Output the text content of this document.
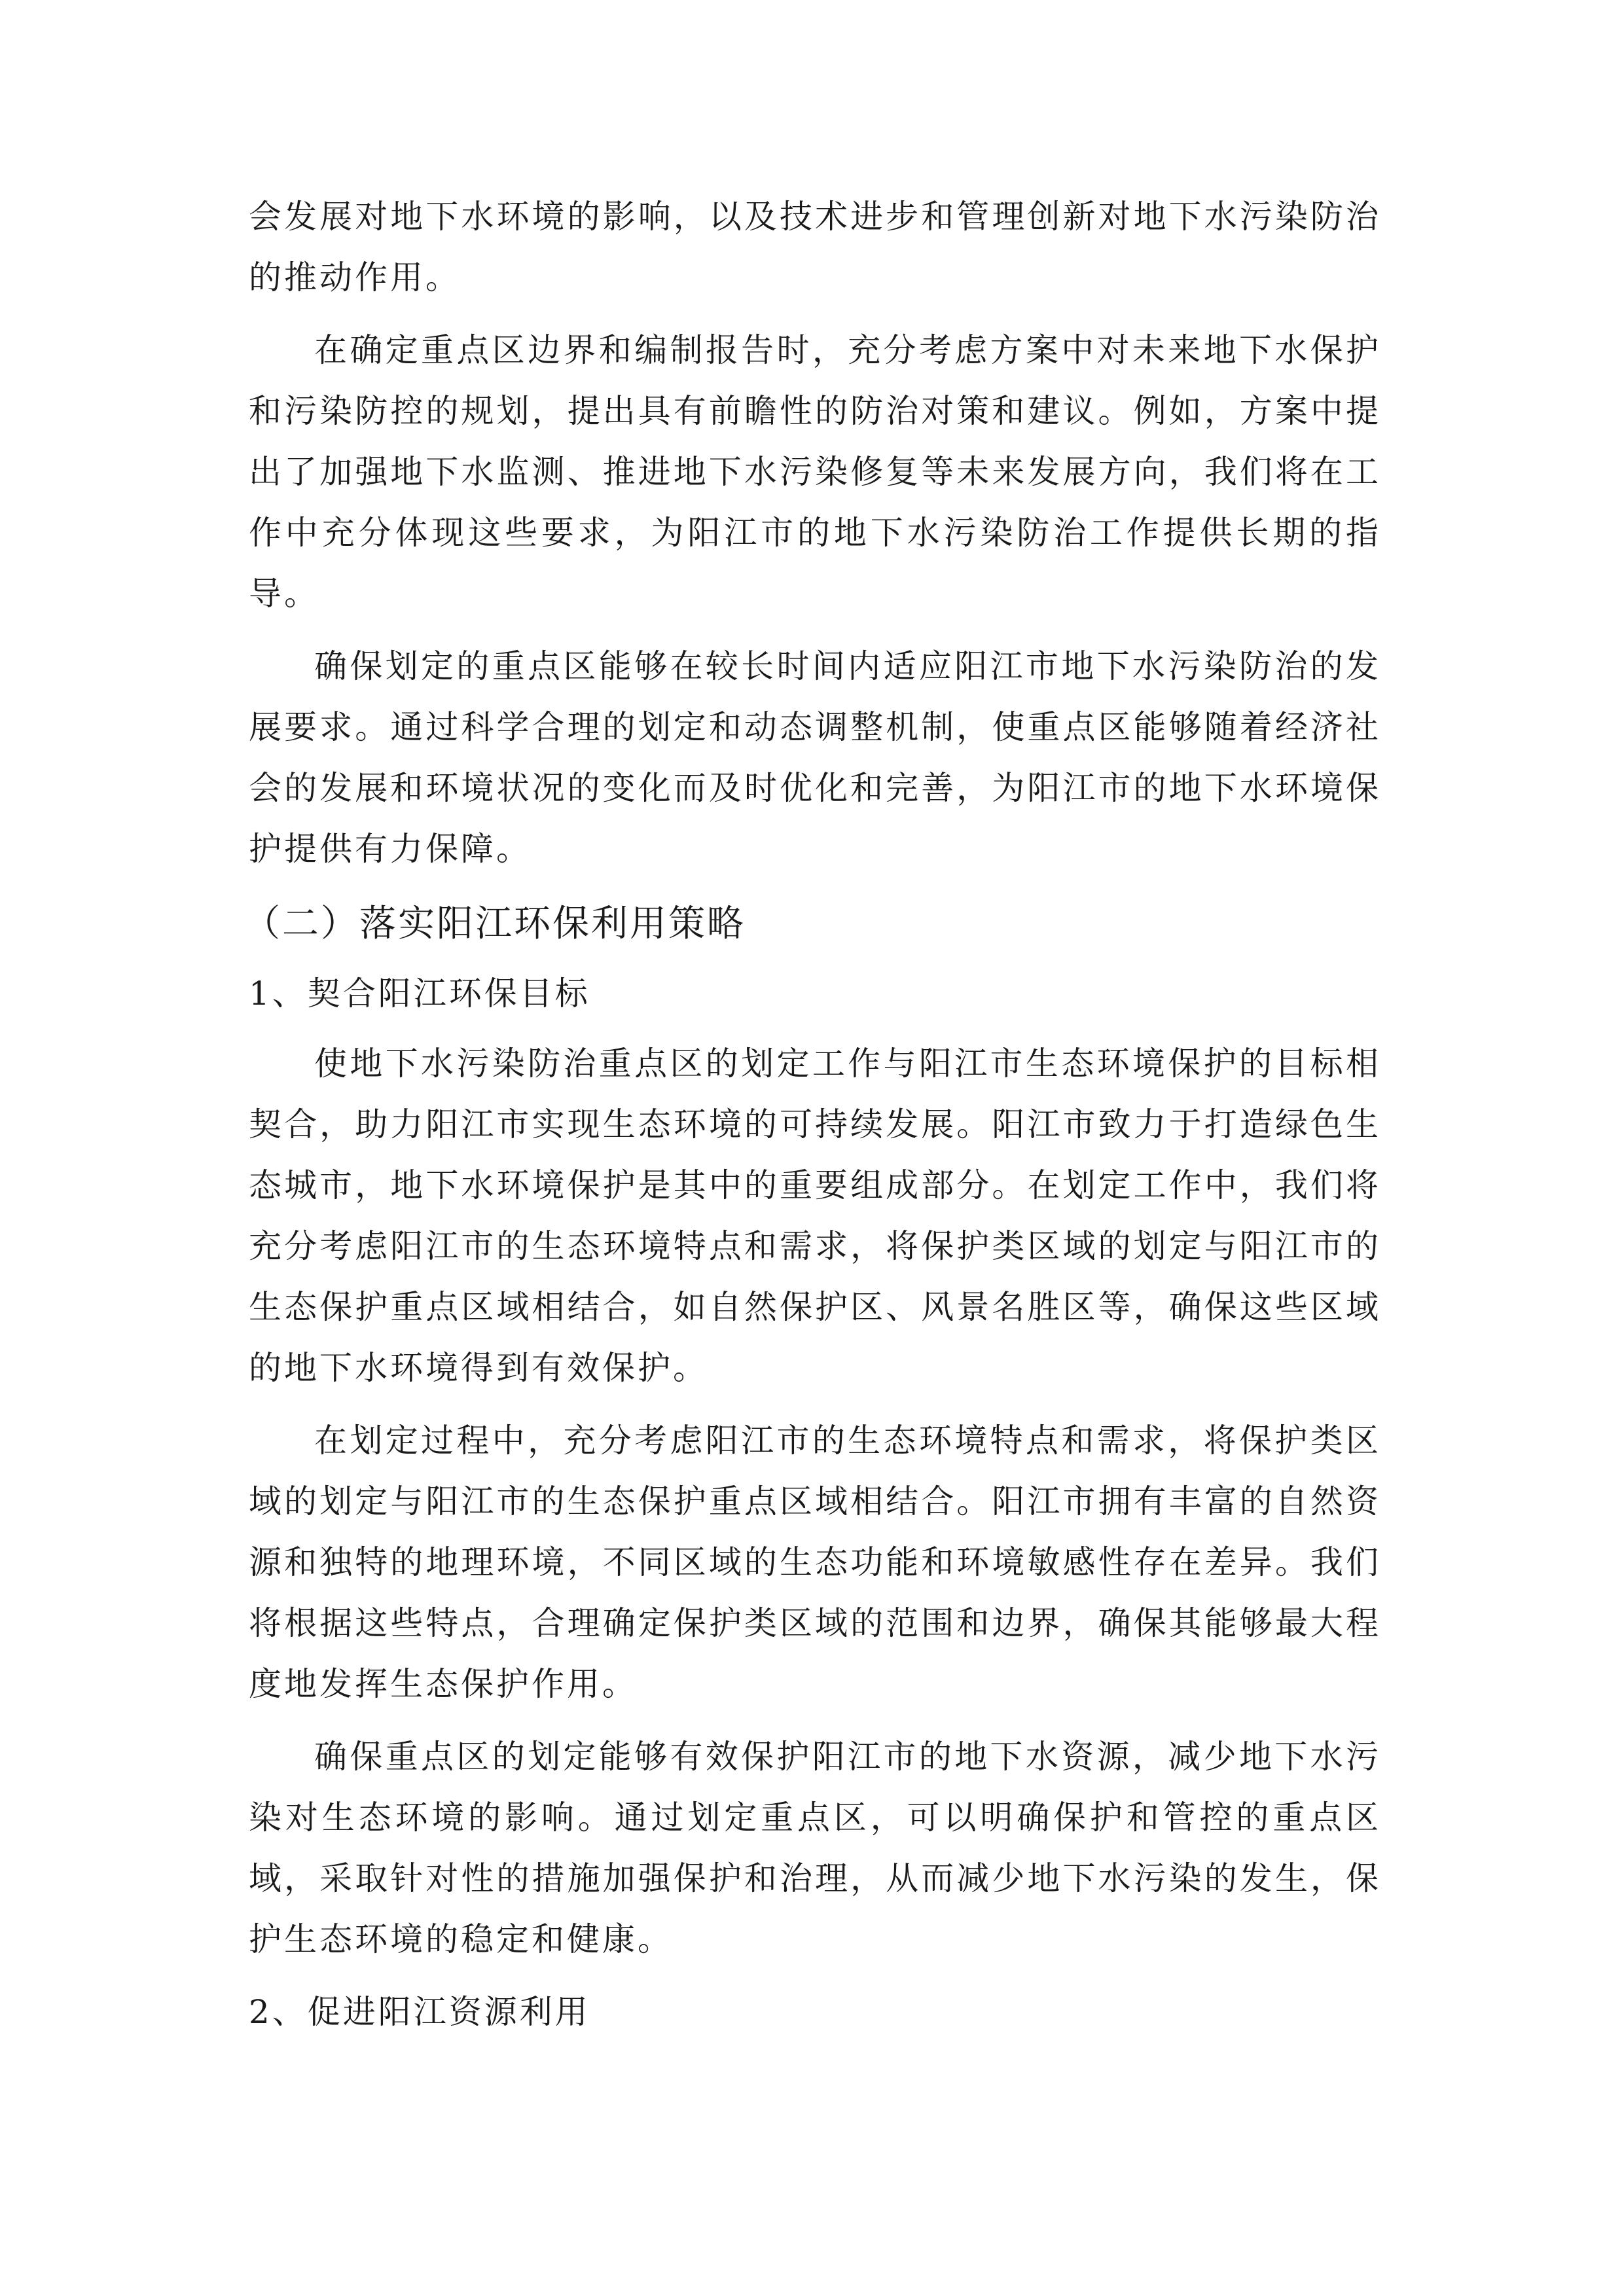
会发展对地下水环境的影响，以及技术进步和管理创新对地下水污染防治的推动作用。

在确定重点区边界和编制报告时，充分考虑方案中对未来地下水保护和污染防控的规划，提出具有前瞻性的防治对策和建议。例如，方案中提出了加强地下水监测、推进地下水污染修复等未来发展方向，我们将在工作中充分体现这些要求，为阳江市的地下水污染防治工作提供长期的指导。

确保划定的重点区能够在较长时间内适应阳江市地下水污染防治的发展要求。通过科学合理的划定和动态调整机制，使重点区能够随着经济社会的发展和环境状况的变化而及时优化和完善，为阳江市的地下水环境保护提供有力保障。

（二）落实阳江环保利用策略
1、契合阳江环保目标

使地下水污染防治重点区的划定工作与阳江市生态环境保护的目标相契合，助力阳江市实现生态环境的可持续发展。阳江市致力于打造绿色生态城市，地下水环境保护是其中的重要组成部分。在划定工作中，我们将充分考虑阳江市的生态环境特点和需求，将保护类区域的划定与阳江市的生态保护重点区域相结合，如自然保护区、风景名胜区等，确保这些区域的地下水环境得到有效保护。

在划定过程中，充分考虑阳江市的生态环境特点和需求，将保护类区域的划定与阳江市的生态保护重点区域相结合。阳江市拥有丰富的自然资源和独特的地理环境，不同区域的生态功能和环境敏感性存在差异。我们将根据这些特点，合理确定保护类区域的范围和边界，确保其能够最大程度地发挥生态保护作用。

确保重点区的划定能够有效保护阳江市的地下水资源，减少地下水污染对生态环境的影响。通过划定重点区，可以明确保护和管控的重点区域，采取针对性的措施加强保护和治理，从而减少地下水污染的发生，保护生态环境的稳定和健康。

2、促进阳江资源利用
